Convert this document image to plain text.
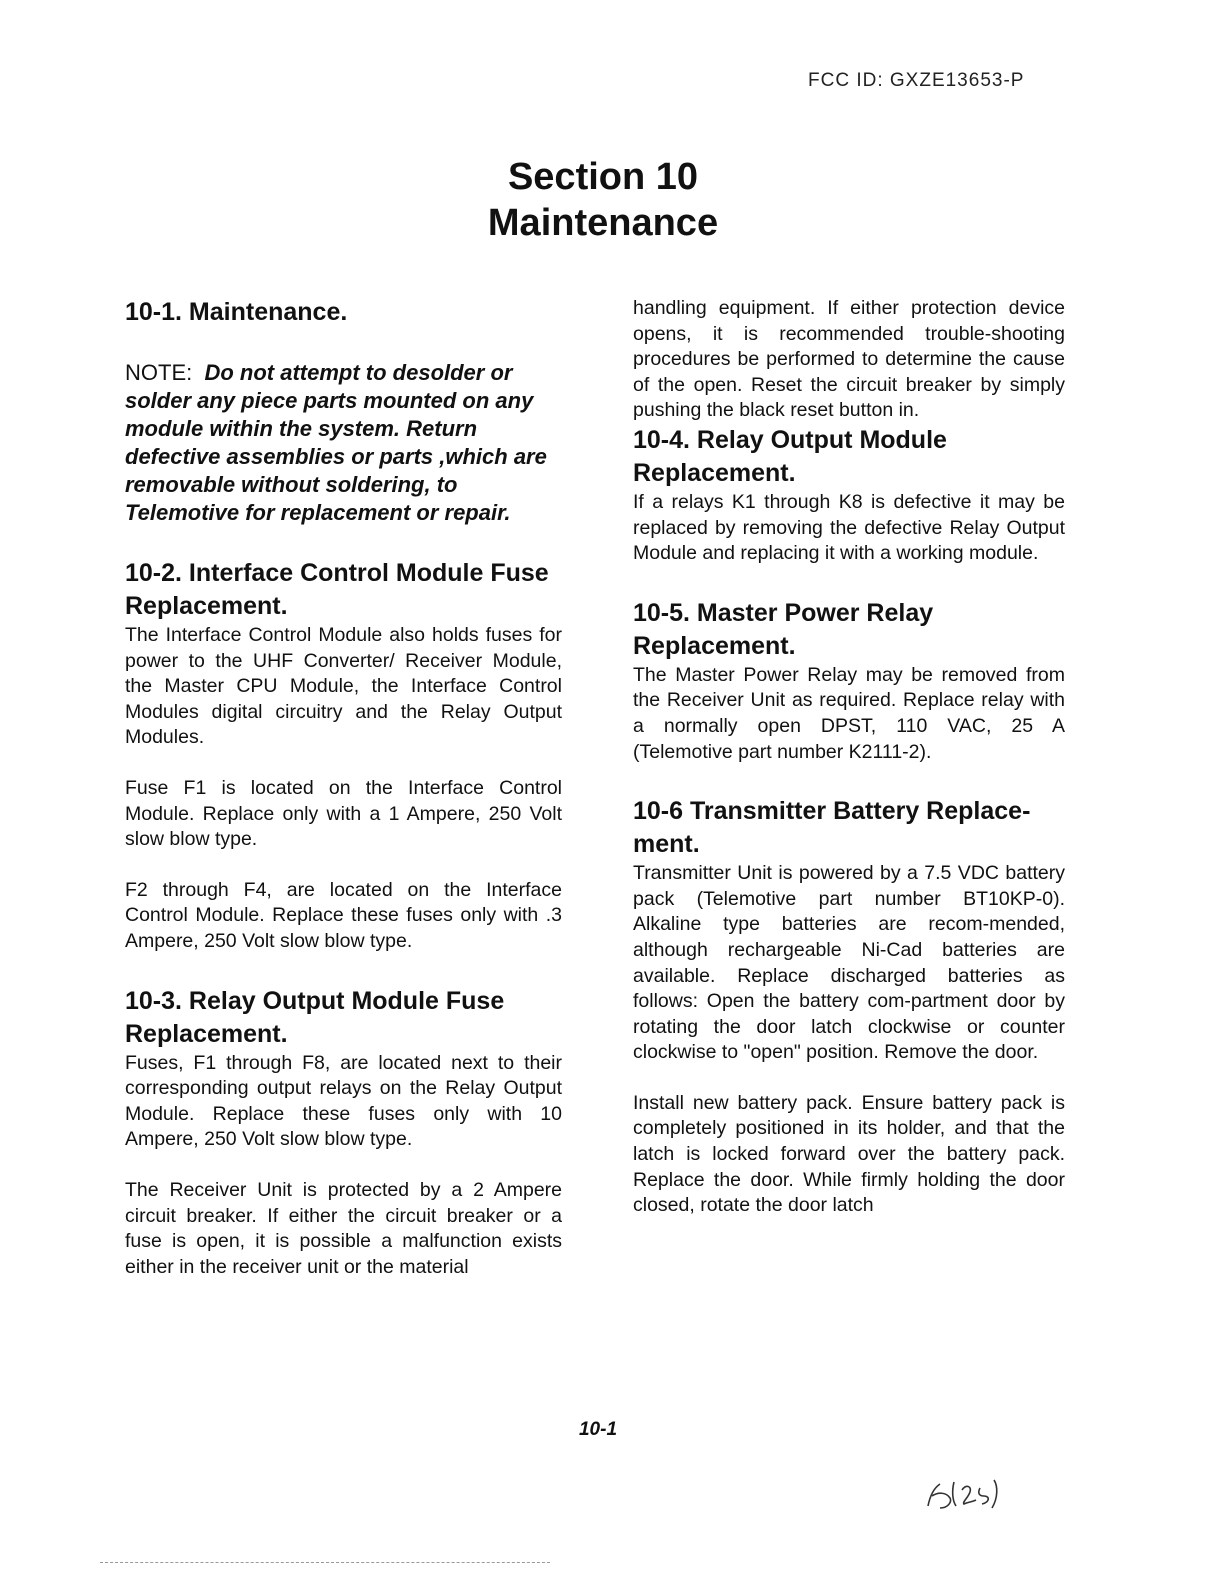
FCC ID: GXZE13653-P
Section 10
Maintenance
10-1. Maintenance.
NOTE: Do not attempt to desolder or solder any piece parts mounted on any module within the system. Return defective assemblies or parts ,which are removable without soldering, to Telemotive for replacement or repair.
10-2. Interface Control Module Fuse Replacement.

The Interface Control Module also holds fuses for power to the UHF Converter/ Receiver Module, the Master CPU Module, the Interface Control Modules digital circuitry and the Relay Output Modules.

Fuse F1 is located on the Interface Control Module. Replace only with a 1 Ampere, 250 Volt slow blow type.

F2 through F4, are located on the Interface Control Module. Replace these fuses only with .3 Ampere, 250 Volt slow blow type.

10-3. Relay Output Module Fuse Replacement.

Fuses, F1 through F8, are located next to their corresponding output relays on the Relay Output Module. Replace these fuses only with 10 Ampere, 250 Volt slow blow type.

The Receiver Unit is protected by a 2 Ampere circuit breaker. If either the circuit breaker or a fuse is open, it is possible a malfunction exists either in the receiver unit or the material

handling equipment. If either protection device opens, it is recommended trouble-shooting procedures be performed to determine the cause of the open. Reset the circuit breaker by simply pushing the black reset button in.

10-4. Relay Output Module Replacement.

If a relays K1 through K8 is defective it may be replaced by removing the defective Relay Output Module and replacing it with a working module.

10-5. Master Power Relay Replacement.

The Master Power Relay may be removed from the Receiver Unit as required. Replace relay with a normally open DPST, 110 VAC, 25 A (Telemotive part number K2111-2).

10-6 Transmitter Battery Replace-ment.

Transmitter Unit is powered by a 7.5 VDC battery pack (Telemotive part number BT10KP-0). Alkaline type batteries are recom-mended, although rechargeable Ni-Cad batteries are available. Replace discharged batteries as follows: Open the battery com-partment door by rotating the door latch clockwise or counter clockwise to "open" position. Remove the door.

Install new battery pack. Ensure battery pack is completely positioned in its holder, and that the latch is locked forward over the battery pack. Replace the door. While firmly holding the door closed, rotate the door latch

10-1
